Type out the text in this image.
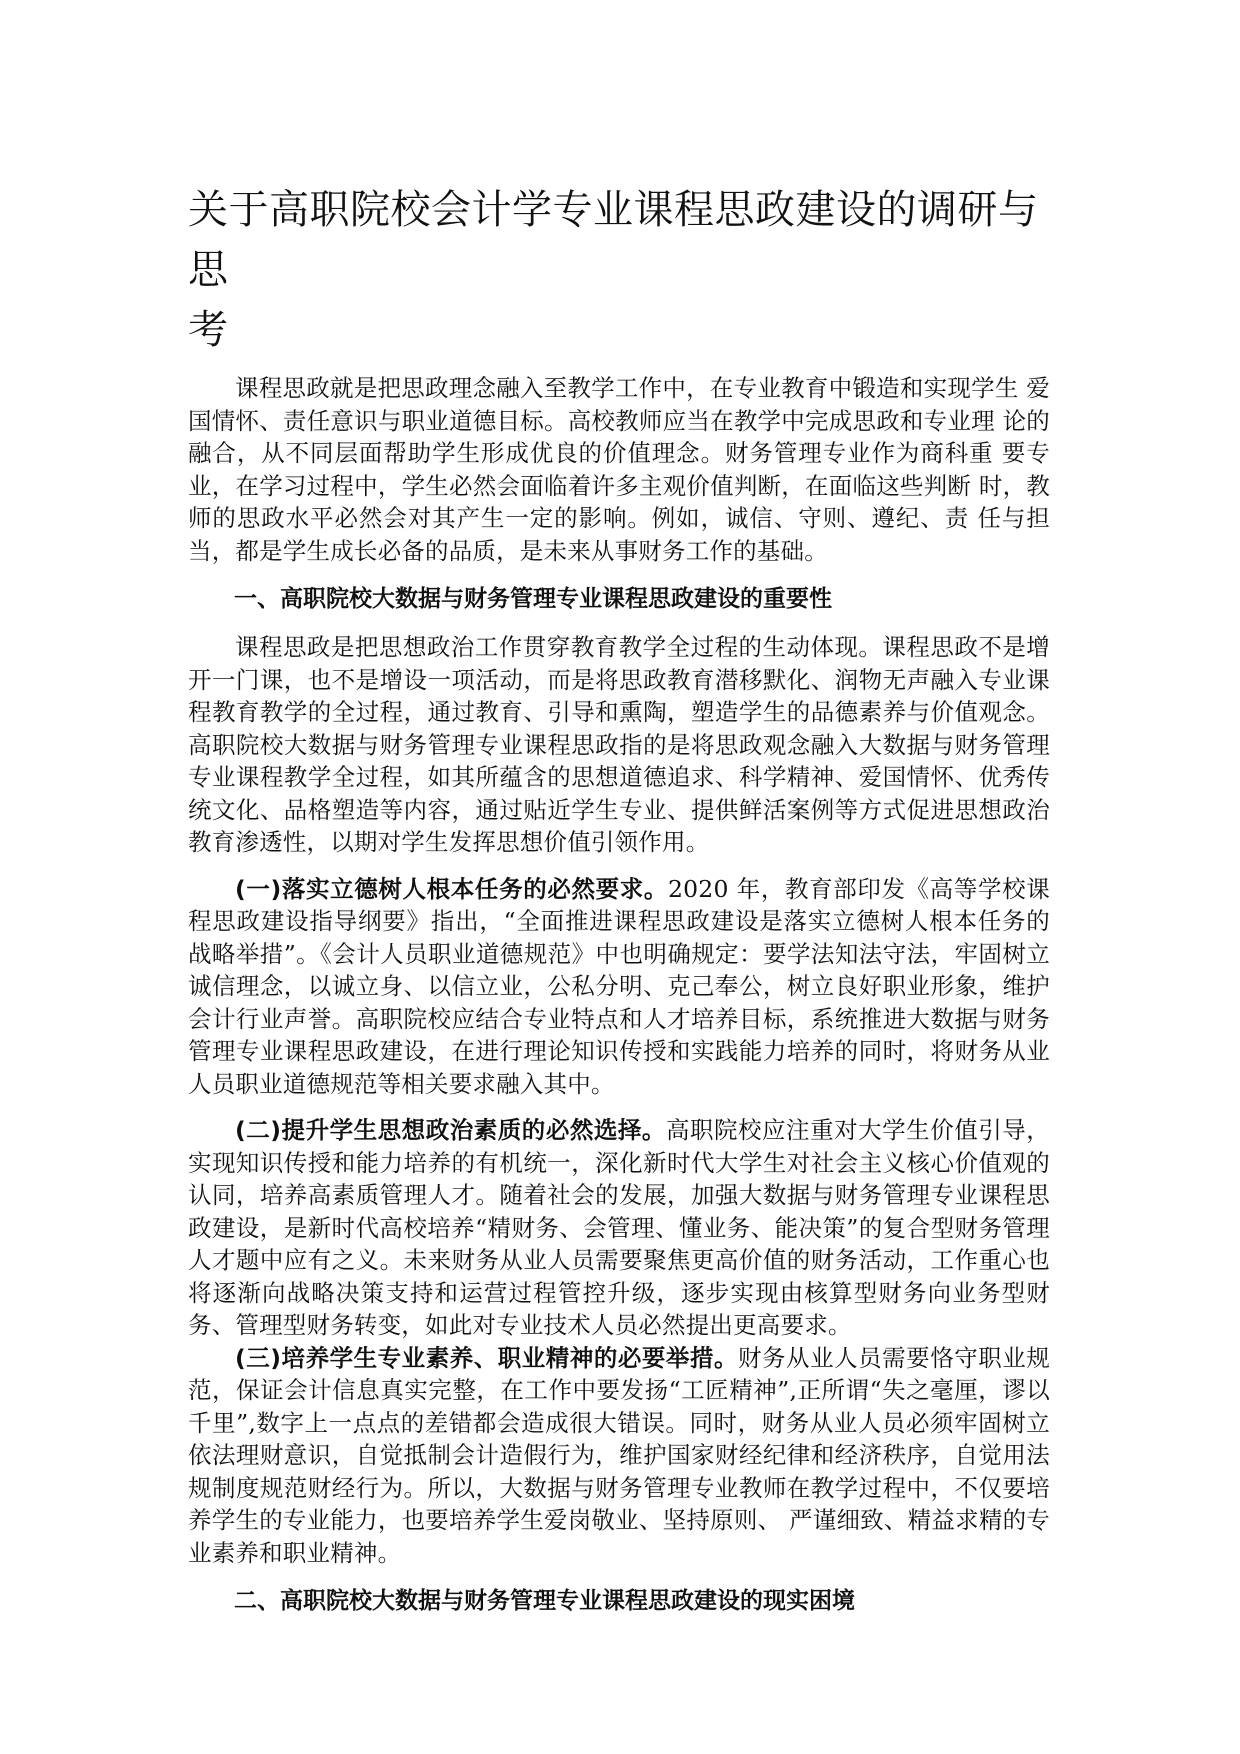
关于高职院校会计学专业课程思政建设的调研与思
考

课程思政就是把思政理念融入至教学工作中，在专业教育中锻造和实现学生 爱国情怀、责任意识与职业道德目标。高校教师应当在教学中完成思政和专业理 论的融合，从不同层面帮助学生形成优良的价值理念。财务管理专业作为商科重 要专业，在学习过程中，学生必然会面临着许多主观价值判断，在面临这些判断 时，教师的思政水平必然会对其产生一定的影响。例如，诚信、守则、遵纪、责 任与担当，都是学生成长必备的品质，是未来从事财务工作的基础。

一、高职院校大数据与财务管理专业课程思政建设的重要性

课程思政是把思想政治工作贯穿教育教学全过程的生动体现。课程思政不是增开一门课，也不是增设一项活动，而是将思政教育潜移默化、润物无声融入专业课程教育教学的全过程，通过教育、引导和熏陶，塑造学生的品德素养与价值观念。高职院校大数据与财务管理专业课程思政指的是将思政观念融入大数据与财务管理专业课程教学全过程，如其所蕴含的思想道德追求、科学精神、爱国情怀、优秀传统文化、品格塑造等内容，通过贴近学生专业、提供鲜活案例等方式促进思想政治教育渗透性，以期对学生发挥思想价值引领作用。

(一)落实立德树人根本任务的必然要求。2020 年，教育部印发《高等学校课程思政建设指导纲要》指出，“全面推进课程思政建设是落实立德树人根本任务的战略举措”。《会计人员职业道德规范》中也明确规定：要学法知法守法，牢固树立诚信理念，以诚立身、以信立业，公私分明、克己奉公，树立良好职业形象，维护会计行业声誉。高职院校应结合专业特点和人才培养目标，系统推进大数据与财务管理专业课程思政建设，在进行理论知识传授和实践能力培养的同时，将财务从业人员职业道德规范等相关要求融入其中。

(二)提升学生思想政治素质的必然选择。高职院校应注重对大学生价值引导，实现知识传授和能力培养的有机统一，深化新时代大学生对社会主义核心价值观的认同，培养高素质管理人才。随着社会的发展，加强大数据与财务管理专业课程思政建设，是新时代高校培养“精财务、会管理、懂业务、能决策”的复合型财务管理人才题中应有之义。未来财务从业人员需要聚焦更高价值的财务活动，工作重心也将逐渐向战略决策支持和运营过程管控升级，逐步实现由核算型财务向业务型财务、管理型财务转变，如此对专业技术人员必然提出更高要求。

(三)培养学生专业素养、职业精神的必要举措。财务从业人员需要恪守职业规范，保证会计信息真实完整，在工作中要发扬“工匠精神”,正所谓“失之毫厘，谬以千里”,数字上一点点的差错都会造成很大错误。同时，财务从业人员必须牢固树立依法理财意识，自觉抵制会计造假行为，维护国家财经纪律和经济秩序，自觉用法规制度规范财经行为。所以，大数据与财务管理专业教师在教学过程中，不仅要培养学生的专业能力，也要培养学生爱岗敬业、坚持原则、 严谨细致、精益求精的专业素养和职业精神。

二、高职院校大数据与财务管理专业课程思政建设的现实困境
